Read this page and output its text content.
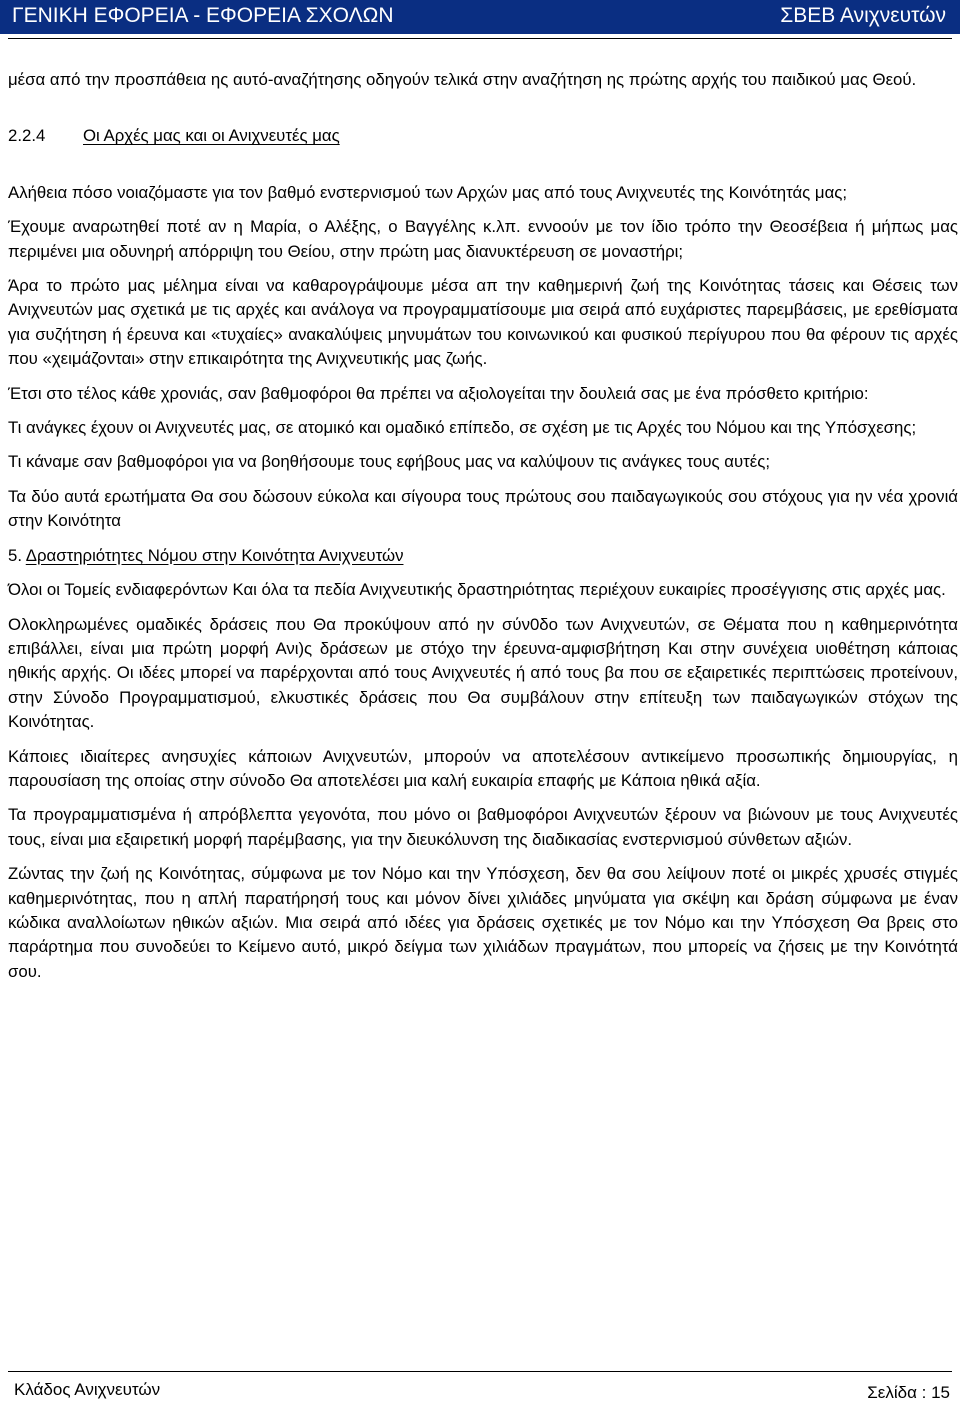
ΓΕΝΙΚΗ ΕΦΟΡΕΙΑ - ΕΦΟΡΕΙΑ ΣΧΟΛΩΝ	ΣΒΕΒ Ανιχνευτών

μέσα από την προσπάθεια ης αυτό-αναζήτησης οδηγούν τελικά στην αναζήτηση ης πρώτης αρχής του παιδικού μας Θεού.

2.2.4	Οι Αρχές μας και οι Ανιχνευτές μας

Αλήθεια πόσο νοιαζόμαστε για τον βαθμό ενστερνισμού των Αρχών μας από τους Ανιχνευτές της Κοινότητάς μας;

Έχουμε αναρωτηθεί ποτέ αν η Μαρία, ο Αλέξης, ο Βαγγέλης κ.λπ. εννοούν με τον ίδιο τρόπο την Θεοσέβεια ή μήπως μας περιμένει μια οδυνηρή απόρριψη του Θείου, στην πρώτη μας διανυκτέρευση σε μοναστήρι;

Άρα το πρώτο μας μέλημα είναι να καθαρογράψουμε μέσα απ την καθημερινή ζωή της Κοινότητας τάσεις και Θέσεις των Ανιχνευτών μας σχετικά με τις αρχές και ανάλογα να προγραμματίσουμε μια σειρά από ευχάριστες παρεμβάσεις, με ερεθίσματα για συζήτηση ή έρευνα και «τυχαίες» ανακαλύψεις μηνυμάτων του κοινωνικού και φυσικού περίγυρου που θα φέρουν τις αρχές που «χειμάζονται» στην επικαιρότητα της Ανιχνευτικής μας ζωής.

Έτσι στο τέλος κάθε χρονιάς, σαν βαθμοφόροι θα πρέπει να αξιολογείται την δουλειά σας με ένα πρόσθετο κριτήριο:

Τι ανάγκες έχουν οι Ανιχνευτές μας, σε ατομικό και ομαδικό επίπεδο, σε σχέση με τις Αρχές του Νόμου και της Υπόσχεσης;

Τι κάναμε σαν βαθμοφόροι για να βοηθήσουμε τους εφήβους μας να καλύψουν τις ανάγκες τους αυτές;

Τα δύο αυτά ερωτήματα Θα σου δώσουν εύκολα και σίγουρα τους πρώτους σου παιδαγωγικούς σου στόχους για ην νέα χρονιά στην Κοινότητα

5. Δραστηριότητες Νόμου στην Κοινότητα Ανιχνευτών

Όλοι οι Τομείς ενδιαφερόντων Και όλα τα πεδία Ανιχνευτικής δραστηριότητας περιέχουν ευκαιρίες προσέγγισης στις αρχές μας.

Ολοκληρωμένες ομαδικές δράσεις που Θα προκύψουν από ην σύν0δο των Ανιχνευτών, σε Θέματα που η καθημερινότητα επιβάλλει, είναι μια πρώτη μορφή Ανι)ς δράσεων με στόχο την έρευνα-αμφισβήτηση Και στην συνέχεια υιοθέτηση κάποιας ηθικής αρχής. Οι ιδέες μπορεί να παρέρχονται από τους Ανιχνευτές ή από τους βα που σε εξαιρετικές περιπτώσεις προτείνουν, στην Σύνοδο Προγραμματισμού, ελκυστικές δράσεις που Θα συμβάλουν στην επίτευξη των παιδαγωγικών στόχων της Κοινότητας.

Κάποιες ιδιαίτερες ανησυχίες κάποιων Ανιχνευτών, μπορούν να αποτελέσουν αντικείμενο προσωπικής δημιουργίας, η παρουσίαση της οποίας στην σύνοδο Θα αποτελέσει μια καλή ευκαιρία επαφής με Κάποια ηθικά αξία.

Τα προγραμματισμένα ή απρόβλεπτα γεγονότα, που μόνο οι βαθμοφόροι Ανιχνευτών ξέρουν να βιώνουν με τους Ανιχνευτές τους, είναι μια εξαιρετική μορφή παρέμβασης, για την διευκόλυνση της διαδικασίας ενστερνισμού σύνθετων αξιών.

Ζώντας την ζωή ης Κοινότητας, σύμφωνα με τον Νόμο και την Υπόσχεση, δεν θα σου λείψουν ποτέ οι μικρές χρυσές στιγμές καθημερινότητας, που η απλή παρατήρησή τους και μόνον δίνει χιλιάδες μηνύματα για σκέψη και δράση σύμφωνα με έναν κώδικα αναλλοίωτων ηθικών αξιών. Μια σειρά από ιδέες για δράσεις σχετικές με τον Νόμο και την Υπόσχεση Θα βρεις στο παράρτημα που συνοδεύει το Κείμενο αυτό, μικρό δείγμα των χιλιάδων πραγμάτων, που μπορείς να ζήσεις με την Κοινότητά σου.

Κλάδος Ανιχνευτών	Σελίδα : 15
